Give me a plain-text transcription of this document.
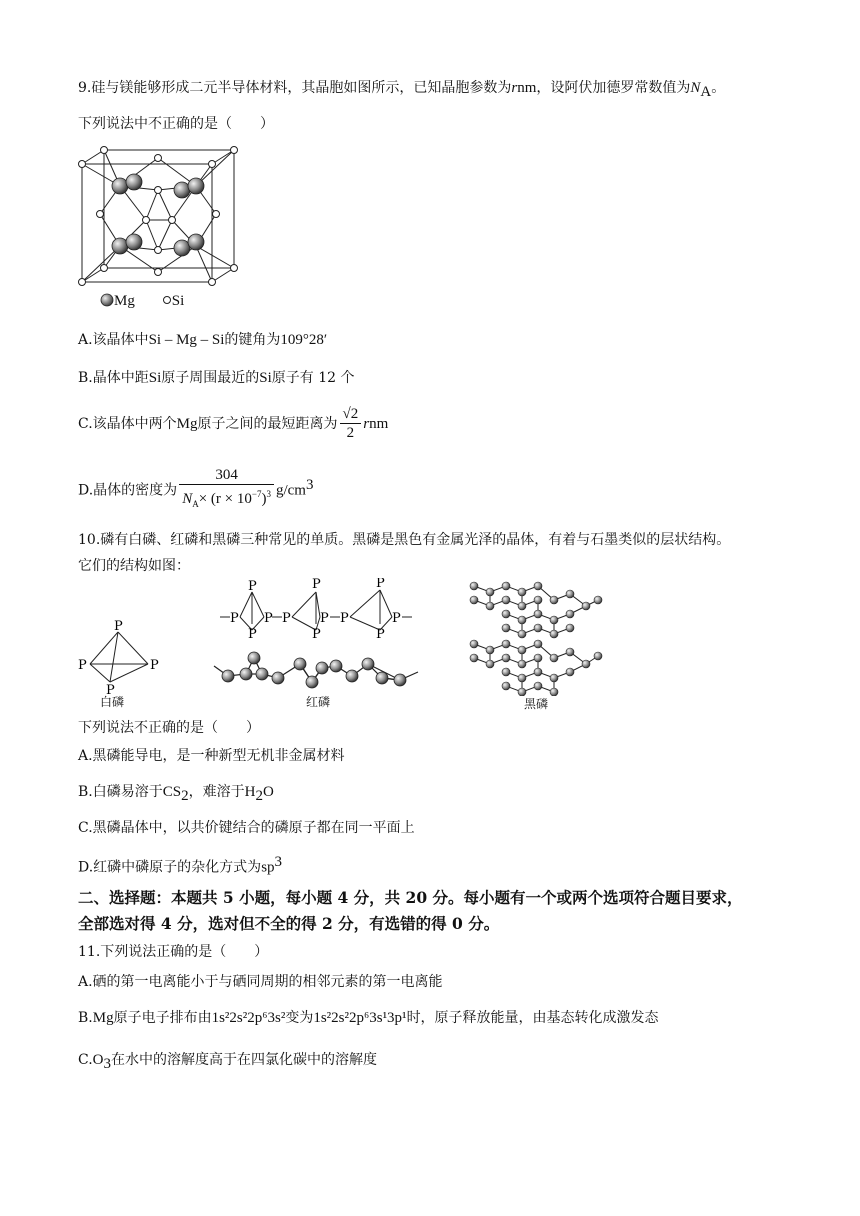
9.硅与镁能够形成二元半导体材料，其晶胞如图所示，已知晶胞参数为rnm，设阿伏加德罗常数值为$N_A$。
下列说法中不正确的是（　　）
Mg Si
A.该晶体中Si – Mg – Si的键角为109°28′
B.晶体中距Si原子周围最近的Si原子有 12 个
C.该晶体中两个Mg原子之间的最短距离为 $\frac{√2}{2}$ rnm
D.晶体的密度为 $\frac{304}{N_A\times (r \times 10^{-7})^3} g/cm^3$
10.磷有白磷、红磷和黑磷三种常见的单质。黑磷是黑色有金属光泽的晶体，有着与石墨类似的层状结构。
它们的结构如图：
P
P	P
P
白磷
P
P
P
P
P
P
P
P
P
P
P
P
红磷	黑磷
下列说法不正确的是（　　）
A.黑磷能导电，是一种新型无机非金属材料
B.白磷易溶于$CS_2$，难溶于$H_2O$
C.黑磷晶体中，以共价键结合的磷原子都在同一平面上
D.红磷中磷原子的杂化方式为$sp^3$
二、选择题：本题共 5 小题，每小题 4 分，共 20 分。每小题有一个或两个选项符合题目要求，
全部选对得 4 分，选对但不全的得 2 分，有选错的得 0 分。
11.下列说法正确的是（　　）
A.硒的第一电离能小于与硒同周期的相邻元素的第一电离能
B.Mg原子电子排布由1s²2s²2p⁶3s²变为1s²2s²2p⁶3s¹3p¹时，原子释放能量，由基态转化成激发态
$C.O_3$在水中的溶解度高于在四氯化碳中的溶解度
